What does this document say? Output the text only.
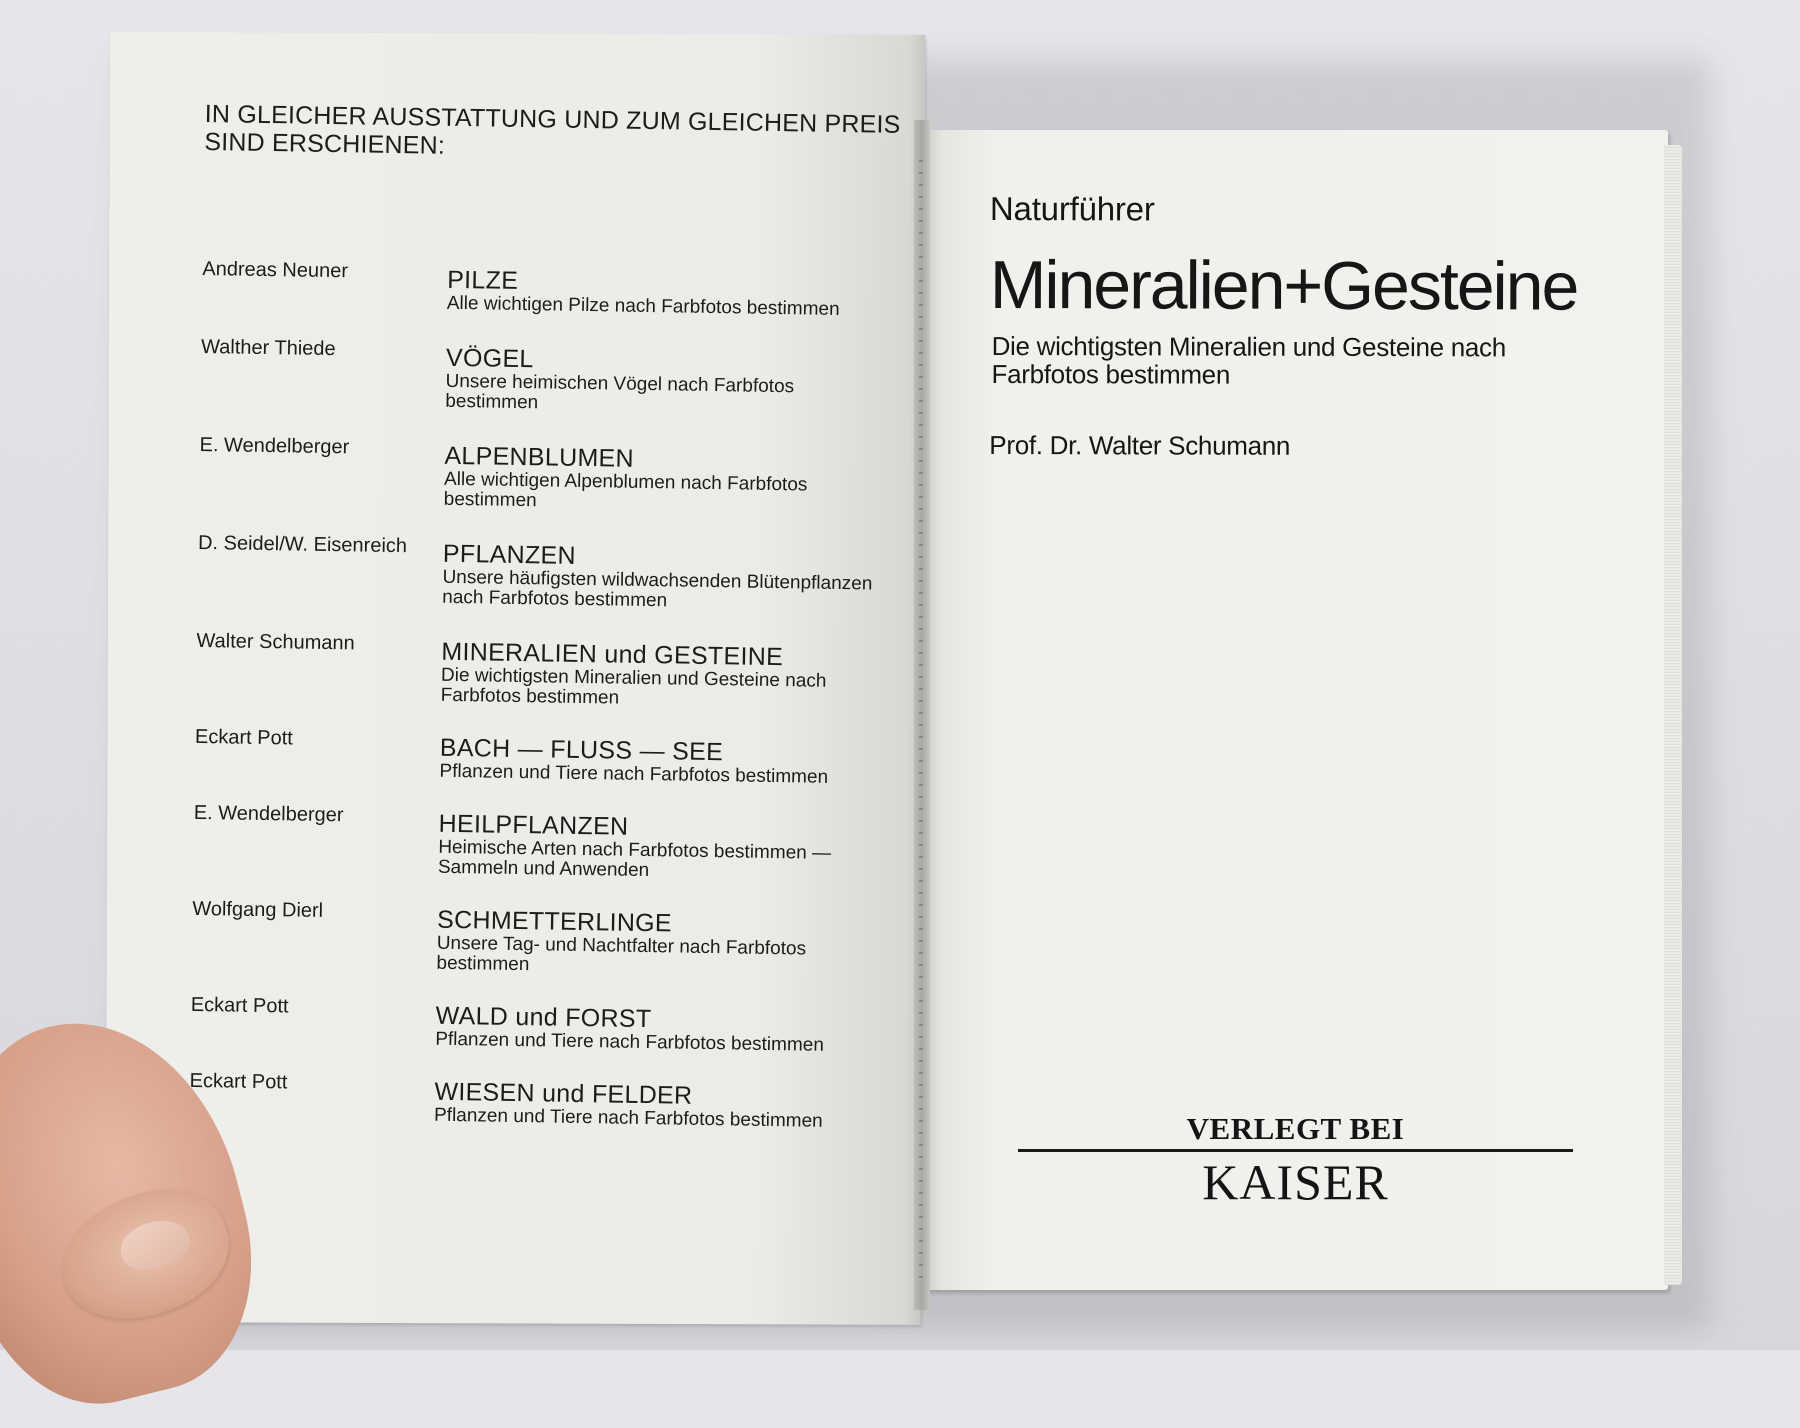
IN GLEICHER AUSSTATTUNG UND ZUM GLEICHEN PREIS
SIND ERSCHIENEN:
Andreas Neuner	PILZE
Alle wichtigen Pilze nach Farbfotos bestimmen
Walther Thiede	VÖGEL
Unsere heimischen Vögel nach Farbfotos bestimmen
E. Wendelberger	ALPENBLUMEN
Alle wichtigen Alpenblumen nach Farbfotos bestimmen
D. Seidel/W. Eisenreich	PFLANZEN
Unsere häufigsten wildwachsenden Blütenpflanzen nach Farbfotos bestimmen
Walter Schumann	MINERALIEN und GESTEINE
Die wichtigsten Mineralien und Gesteine nach Farbfotos bestimmen
Eckart Pott	BACH — FLUSS — SEE
Pflanzen und Tiere nach Farbfotos bestimmen
E. Wendelberger	HEILPFLANZEN
Heimische Arten nach Farbfotos bestimmen — Sammeln und Anwenden
Wolfgang Dierl	SCHMETTERLINGE
Unsere Tag- und Nachtfalter nach Farbfotos bestimmen
Eckart Pott	WALD und FORST
Pflanzen und Tiere nach Farbfotos bestimmen
Eckart Pott	WIESEN und FELDER
Pflanzen und Tiere nach Farbfotos bestimmen
Naturführer
Mineralien+Gesteine
Die wichtigsten Mineralien und Gesteine nach Farbfotos bestimmen
Prof. Dr. Walter Schumann
VERLEGT BEI
KAISER
